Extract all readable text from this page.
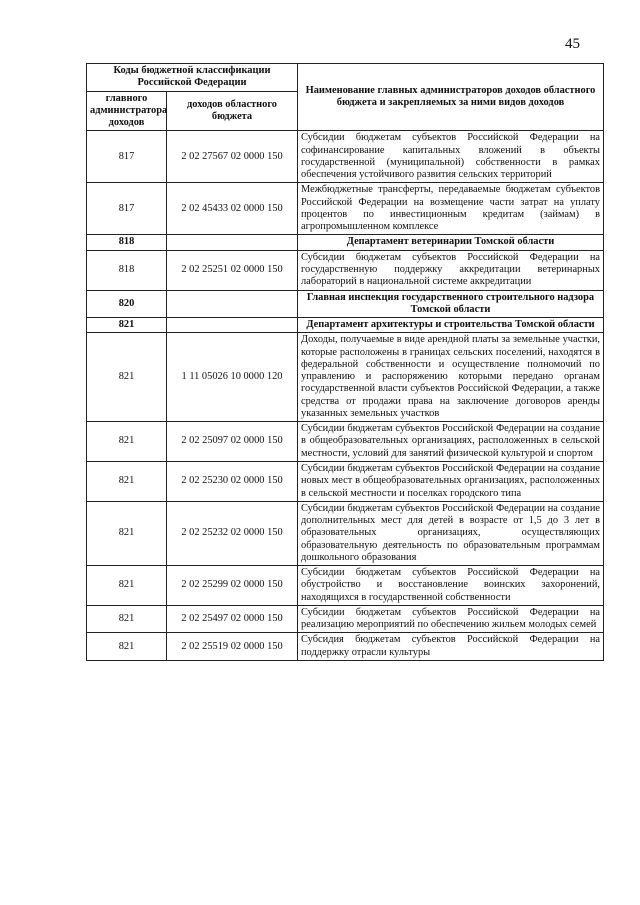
45
Коды бюджетной классификации Российской Федерации		Наименование главных администраторов доходов областного бюджета и закрепляемых за ними видов доходов
главного администратора доходов	доходов областного бюджета	
817	2 02 27567 02 0000 150	Субсидии бюджетам субъектов Российской Федерации на софинансирование капитальных вложений в объекты государственной (муниципальной) собственности в рамках обеспечения устойчивого развития сельских территорий
817	2 02 45433 02 0000 150	Межбюджетные трансферты, передаваемые бюджетам субъектов Российской Федерации на возмещение части затрат на уплату процентов по инвестиционным кредитам (займам) в агропромышленном комплексе
818		Департамент ветеринарии Томской области
818	2 02 25251 02 0000 150	Субсидии бюджетам субъектов Российской Федерации на государственную поддержку аккредитации ветеринарных лабораторий в национальной системе аккредитации
820		Главная инспекция государственного строительного надзора Томской области
821		Департамент архитектуры и строительства Томской области
821	1 11 05026 10 0000 120	Доходы, получаемые в виде арендной платы за земельные участки, которые расположены в границах сельских поселений, находятся в федеральной собственности и осуществление полномочий по управлению и распоряжению которыми передано органам государственной власти субъектов Российской Федерации, а также средства от продажи права на заключение договоров аренды указанных земельных участков
821	2 02 25097 02 0000 150	Субсидии бюджетам субъектов Российской Федерации на создание в общеобразовательных организациях, расположенных в сельской местности, условий для занятий физической культурой и спортом
821	2 02 25230 02 0000 150	Субсидии бюджетам субъектов Российской Федерации на создание новых мест в общеобразовательных организациях, расположенных в сельской местности и поселках городского типа
821	2 02 25232 02 0000 150	Субсидии бюджетам субъектов Российской Федерации на создание дополнительных мест для детей в возрасте от 1,5 до 3 лет в образовательных организациях, осуществляющих образовательную деятельность по образовательным программам дошкольного образования
821	2 02 25299 02 0000 150	Субсидии бюджетам субъектов Российской Федерации на обустройство и восстановление воинских захоронений, находящихся в государственной собственности
821	2 02 25497 02 0000 150	Субсидии бюджетам субъектов Российской Федерации на реализацию мероприятий по обеспечению жильем молодых семей
821	2 02 25519 02 0000 150	Субсидия бюджетам субъектов Российской Федерации на поддержку отрасли культуры
